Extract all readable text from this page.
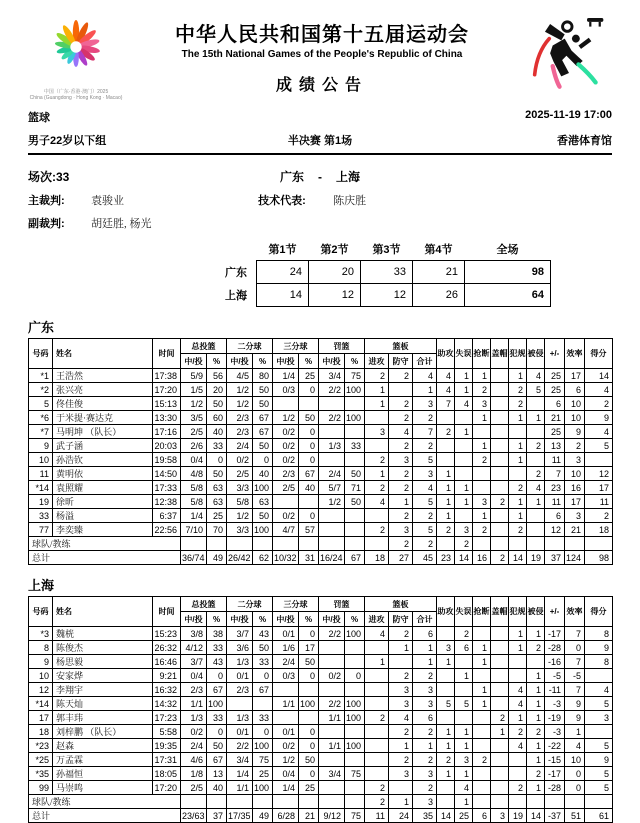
中国（广东·香港·澳门）2025
China (Guangdong · Hong Kong · Macao)
中华人民共和国第十五届运动会
The 15th National Games of the People's Republic of China
成绩公告
篮球	2025-11-19 17:00
男子22岁以下组	半决赛 第1场	香港体育馆
场次:33	广东 - 上海
主裁判: 袁骏业	技术代表: 陈庆胜
副裁判: 胡廷胜, 杨光
	第1节	第2节	第3节	第4节	全场
广东	24	20	33	21	98
上海	14	12	12	26	64
广东
号码	姓名	时间	总投篮		二分球		三分球		罚篮		篮板			助攻	失误	抢断	盖帽	犯规	被侵	+/-	效率	得分
			中/投	%	中/投	%	中/投	%	中/投	%	进攻	防守	合计									
*1	王浩然	17:38	5/9	56	4/5	80	1/4	25	3/4	75	2	2	4	4	1	1		1	4	25	17	14
*2	张兴亮	17:20	1/5	20	1/2	50	0/3	0	2/2	100	1		1	4	1	2		2	5	25	6	4
5	佟佳俊	15:13	1/2	50	1/2	50					1	2	3	7	4	3		2		6	10	2
*6	于米提·赛达克	13:30	3/5	60	2/3	67	1/2	50	2/2	100		2	2			1		1	1	21	10	9
*7	马明坤 （队长）	17:16	2/5	40	2/3	67	0/2	0			3	4	7	2	1					25	9	4
9	武子涵	20:03	2/6	33	2/4	50	0/2	0	1/3	33		2	2			1		1	2	13	2	5
10	孙浩钦	19:58	0/4	0	0/2	0	0/2	0			2	3	5			2		1		11	3	
11	黄明依	14:50	4/8	50	2/5	40	2/3	67	2/4	50	1	2	3	1					2	7	10	12
*14	袁照耀	17:33	5/8	63	3/3	100	2/5	40	5/7	71	2	2	4	1	1			2	4	23	16	17
19	徐昕	12:38	5/8	63	5/8	63			1/2	50	4	1	5	1	1	3	2	1	1	11	17	11
33	杨溢	6:37	1/4	25	1/2	50	0/2	0				2	2	1		1		1		6	3	2
77	李奕臻	22:56	7/10	70	3/3	100	4/7	57			2	3	5	2	3	2		2		12	21	18
球队/教练												2	2		2							
总计			36/74	49	26/42	62	10/32	31	16/24	67	18	27	45	23	14	16	2	14	19	37	124	98
上海
号码	姓名	时间	总投篮		二分球		三分球		罚篮		篮板			助攻	失误	抢断	盖帽	犯规	被侵	+/-	效率	得分
			中/投	%	中/投	%	中/投	%	中/投	%	进攻	防守	合计									
*3	魏桄	15:23	3/8	38	3/7	43	0/1	0	2/2	100	4	2	6		2			1	1	-17	7	8
8	陈俊杰	26:32	4/12	33	3/6	50	1/6	17				1	1	3	6	1		1	2	-28	0	9
9	杨思毅	16:46	3/7	43	1/3	33	2/4	50			1		1	1		1				-16	7	8
10	安家烨	9:21	0/4	0	0/1	0	0/3	0	0/2	0		2	2		1				1	-5	-5	
12	李翔宇	16:32	2/3	67	2/3	67						3	3			1		4	1	-11	7	4
*14	陈天灿	14:32	1/1	100			1/1	100	2/2	100		3	3	5	5	1		4	1	-3	9	5
17	郭丰玮	17:23	1/3	33	1/3	33			1/1	100	2	4	6				2	1	1	-19	9	3
18	刘梓鹏 （队长）	5:58	0/2	0	0/1	0	0/1	0				2	2	1	1		1	2	2	-3	1	
*23	赵森	19:35	2/4	50	2/2	100	0/2	0	1/1	100		1	1	1	1			4	1	-22	4	5
*25	万孟霖	17:31	4/6	67	3/4	75	1/2	50				2	2	2	3	2			1	-15	10	9
*35	孙福恒	18:05	1/8	13	1/4	25	0/4	0	3/4	75		3	3	1	1				2	-17	0	5
99	马崇鸣	17:20	2/5	40	1/1	100	1/4	25			2		2		4			2	1	-28	0	5
球队/教练											2	1	3		1							
总计			23/63	37	17/35	49	6/28	21	9/12	75	11	24	35	14	25	6	3	19	14	-37	51	61
